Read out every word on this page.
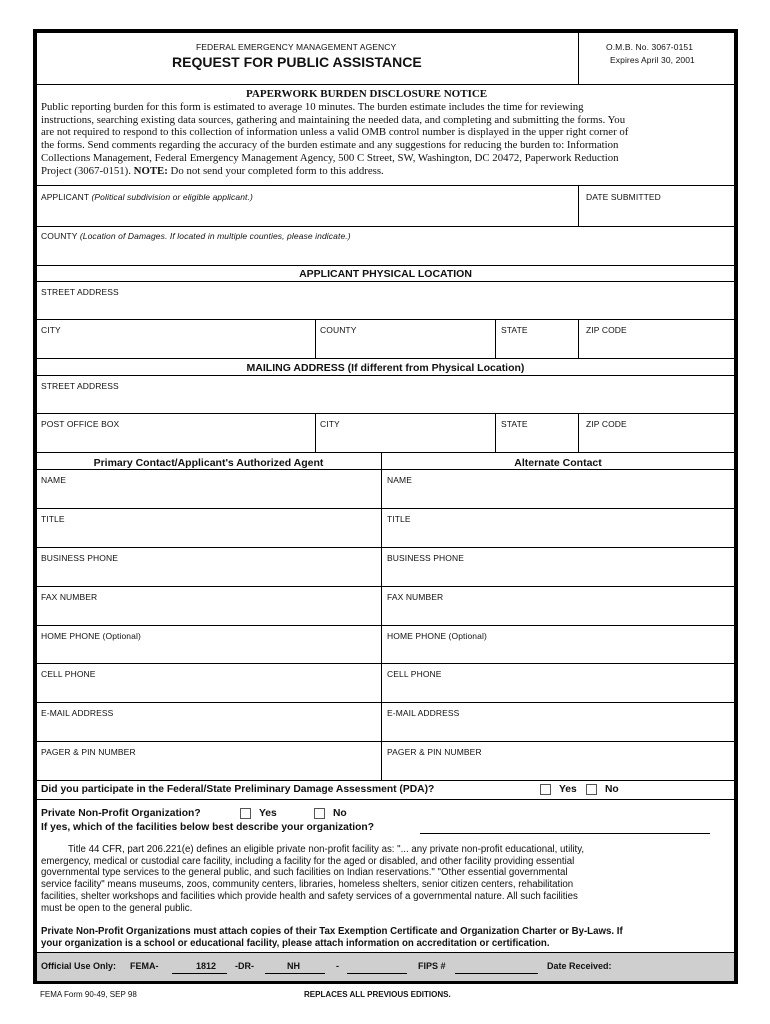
FEDERAL EMERGENCY MANAGEMENT AGENCY
REQUEST FOR PUBLIC ASSISTANCE
O.M.B. No. 3067-0151
Expires April 30, 2001
PAPERWORK BURDEN DISCLOSURE NOTICE
Public reporting burden for this form is estimated to average 10 minutes. The burden estimate includes the time for reviewing
instructions, searching existing data sources, gathering and maintaining the needed data, and completing and submitting the forms. You
are not required to respond to this collection of information unless a valid OMB control number is displayed in the upper right corner of
the forms. Send comments regarding the accuracy of the burden estimate and any suggestions for reducing the burden to: Information
Collections Management, Federal Emergency Management Agency, 500 C Street, SW, Washington, DC 20472, Paperwork Reduction
Project (3067-0151). NOTE: Do not send your completed form to this address.
APPLICANT (Political subdivision or eligible applicant.)	DATE SUBMITTED
COUNTY (Location of Damages. If located in multiple counties, please indicate.)
APPLICANT PHYSICAL LOCATION
STREET ADDRESS
CITY	COUNTY	STATE	ZIP CODE
MAILING ADDRESS (If different from Physical Location)
STREET ADDRESS
POST OFFICE BOX	CITY	STATE	ZIP CODE
Primary Contact/Applicant's Authorized Agent	Alternate Contact
NAME	NAME
TITLE	TITLE
BUSINESS PHONE	BUSINESS PHONE
FAX NUMBER	FAX NUMBER
HOME PHONE (Optional)	HOME PHONE (Optional)
CELL PHONE	CELL PHONE
E-MAIL ADDRESS	E-MAIL ADDRESS
PAGER & PIN NUMBER	PAGER & PIN NUMBER
Did you participate in the Federal/State Preliminary Damage Assessment (PDA)?	Yes	No
Private Non-Profit Organization?	Yes	No
If yes, which of the facilities below best describe your organization?
Title 44 CFR, part 206.221(e) defines an eligible private non-profit facility as: "... any private non-profit educational, utility,
emergency, medical or custodial care facility, including a facility for the aged or disabled, and other facility providing essential
governmental type services to the general public, and such facilities on Indian reservations." "Other essential governmental
service facility" means museums, zoos, community centers, libraries, homeless shelters, senior citizen centers, rehabilitation
facilities, shelter workshops and facilities which provide health and safety services of a governmental nature. All such facilities
must be open to the general public.
Private Non-Profit Organizations must attach copies of their Tax Exemption Certificate and Organization Charter or By-Laws. If
your organization is a school or educational facility, please attach information on accreditation or certification.
Official Use Only: FEMA-	1812 -DR-	NH	-	FIPS #	Date Received:
FEMA Form 90-49, SEP 98	REPLACES ALL PREVIOUS EDITIONS.
